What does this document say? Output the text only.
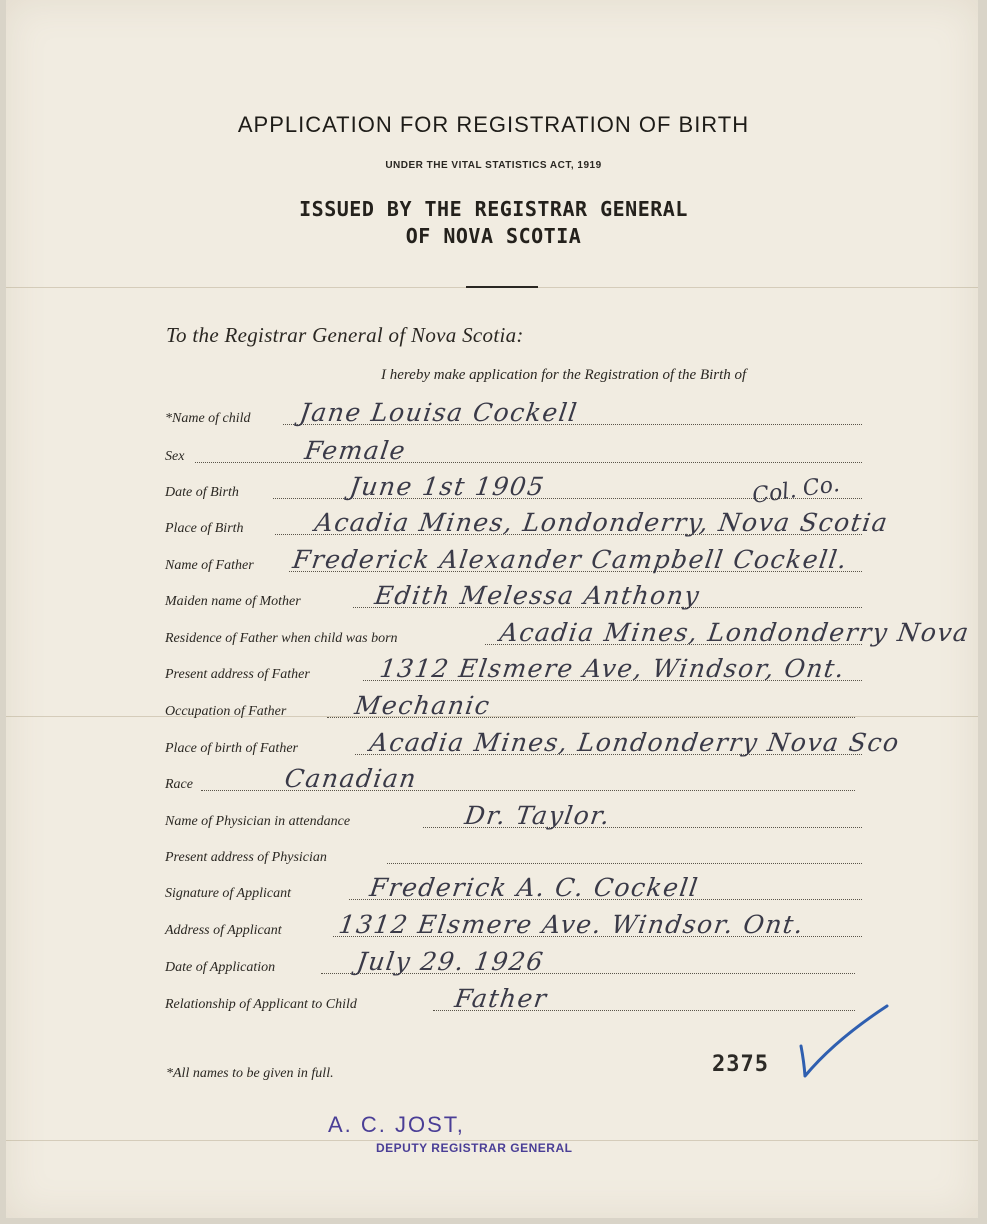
APPLICATION FOR REGISTRATION OF BIRTH
UNDER THE VITAL STATISTICS ACT, 1919
ISSUED BY THE REGISTRAR GENERAL
OF NOVA SCOTIA
To the Registrar General of Nova Scotia:
I hereby make application for the Registration of the Birth of
*Name of child Jane Louisa Cockell
Sex	Female
Date of Birth	June 1st 1905	Col. Co.
Place of Birth	Acadia Mines, Londonderry, Nova Scotia
Name of Father Frederick Alexander Campbell Cockell.
Maiden name of Mother	Edith Melessa Anthony
Residence of Father when child was born	Acadia Mines, Londonderry Nova
Present address of Father	1312 Elsmere Ave, Windsor, Ont.
Occupation of Father	Mechanic
Place of birth of Father	Acadia Mines, Londonderry Nova Sco
Race	Canadian
Name of Physician in attendance	Dr. Taylor.
Present address of Physician
Signature of Applicant	Frederick A. C. Cockell
Address of Applicant 1312 Elsmere Ave. Windsor. Ont.
Date of Application	July 29. 1926
Relationship of Applicant to Child	Father
*All names to be given in full.	2375
A. C. JOST,
DEPUTY REGISTRAR GENERAL
